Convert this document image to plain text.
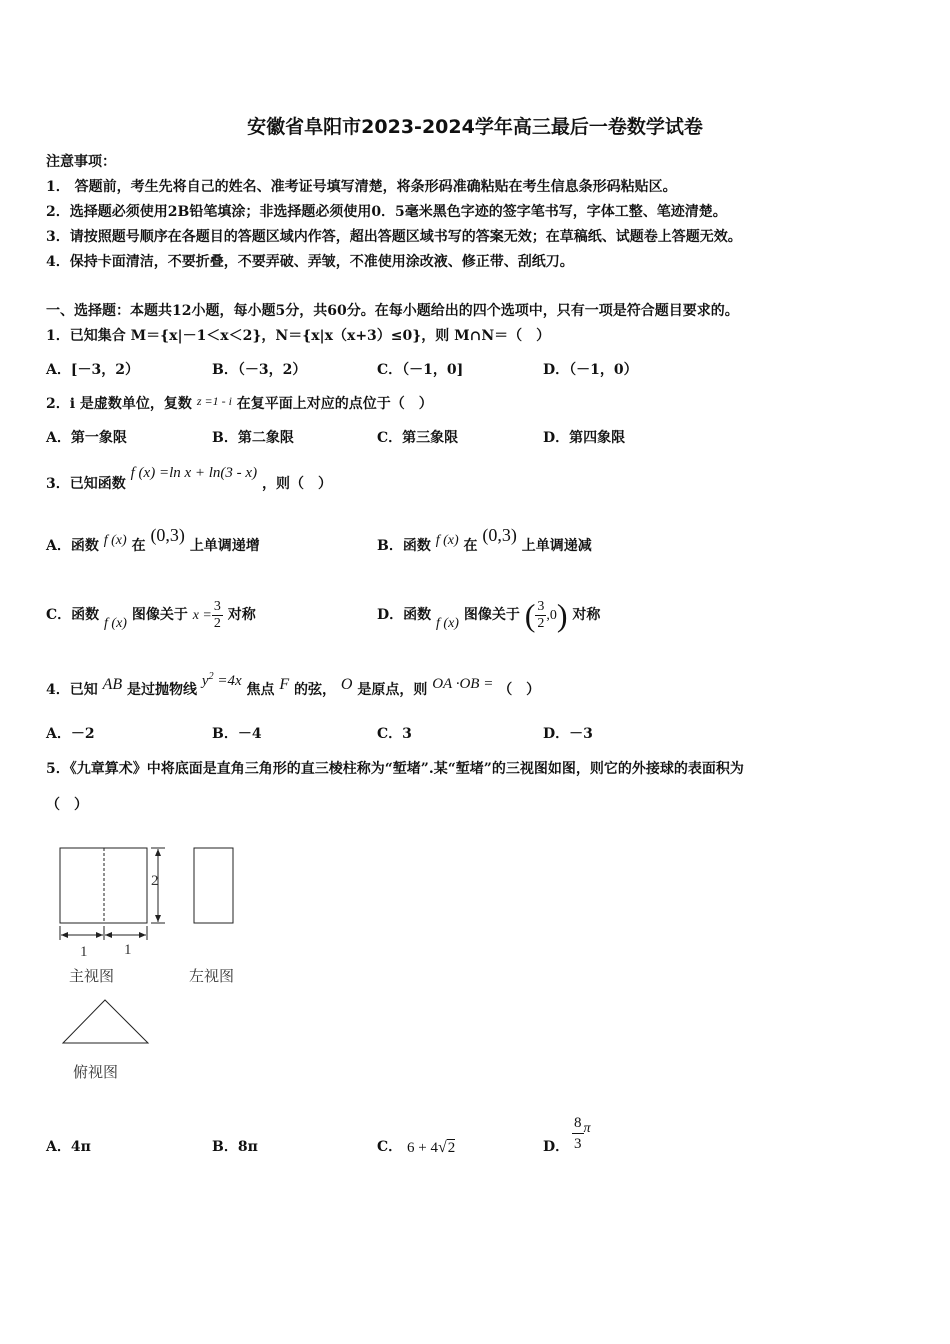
安徽省阜阳市2023-2024学年高三最后一卷数学试卷
注意事项：
1． 答题前，考生先将自己的姓名、准考证号填写清楚，将条形码准确粘贴在考生信息条形码粘贴区。
2．选择题必须使用2B铅笔填涂；非选择题必须使用0．5毫米黑色字迹的签字笔书写，字体工整、笔迹清楚。
3．请按照题号顺序在各题目的答题区域内作答，超出答题区域书写的答案无效；在草稿纸、试题卷上答题无效。
4．保持卡面清洁，不要折叠，不要弄破、弄皱，不准使用涂改液、修正带、刮纸刀。
一、选择题：本题共12小题，每小题5分，共60分。在每小题给出的四个选项中，只有一项是符合题目要求的。
1．已知集合 M＝{x|－1＜x＜2}，N＝{x|x（x+3）≤0}，则 M∩N＝（　）
A．[－3，2）	B．（－3，2）	C．（－1，0]	D．（－1，0）
2．i 是虚数单位，复数 z =1 - i 在复平面上对应的点位于（　）
A．第一象限	B．第二象限	C．第三象限	D．第四象限
3．已知函数 f (x) =ln x + ln(3 - x) ，则（　）
A．函数 f (x) 在 (0,3) 上单调递增	B．函数 f (x) 在 (0,3) 上单调递减
C．函数 f (x) 图像关于 $x = \frac{3}{2}$ 对称	D．函数 f (x) 图像关于 ( $\frac{3}{2} ,0$) 对称
4．已知 AB 是过抛物线 $y^2 =4x$ 焦点 F 的弦， O 是原点，则 OA ·OB = （　）
A．－2	B．－4	C．3	D．－3
5．《九章算术》中将底面是直角三角形的直三棱柱称为“堑堵”.某“堑堵”的三视图如图，则它的外接球的表面积为
（　）
2
1 1
主视图	左视图
俯视图
A．4π	B．8π	C． 6 + 4√2	D． $\frac{8}{3}$ π
